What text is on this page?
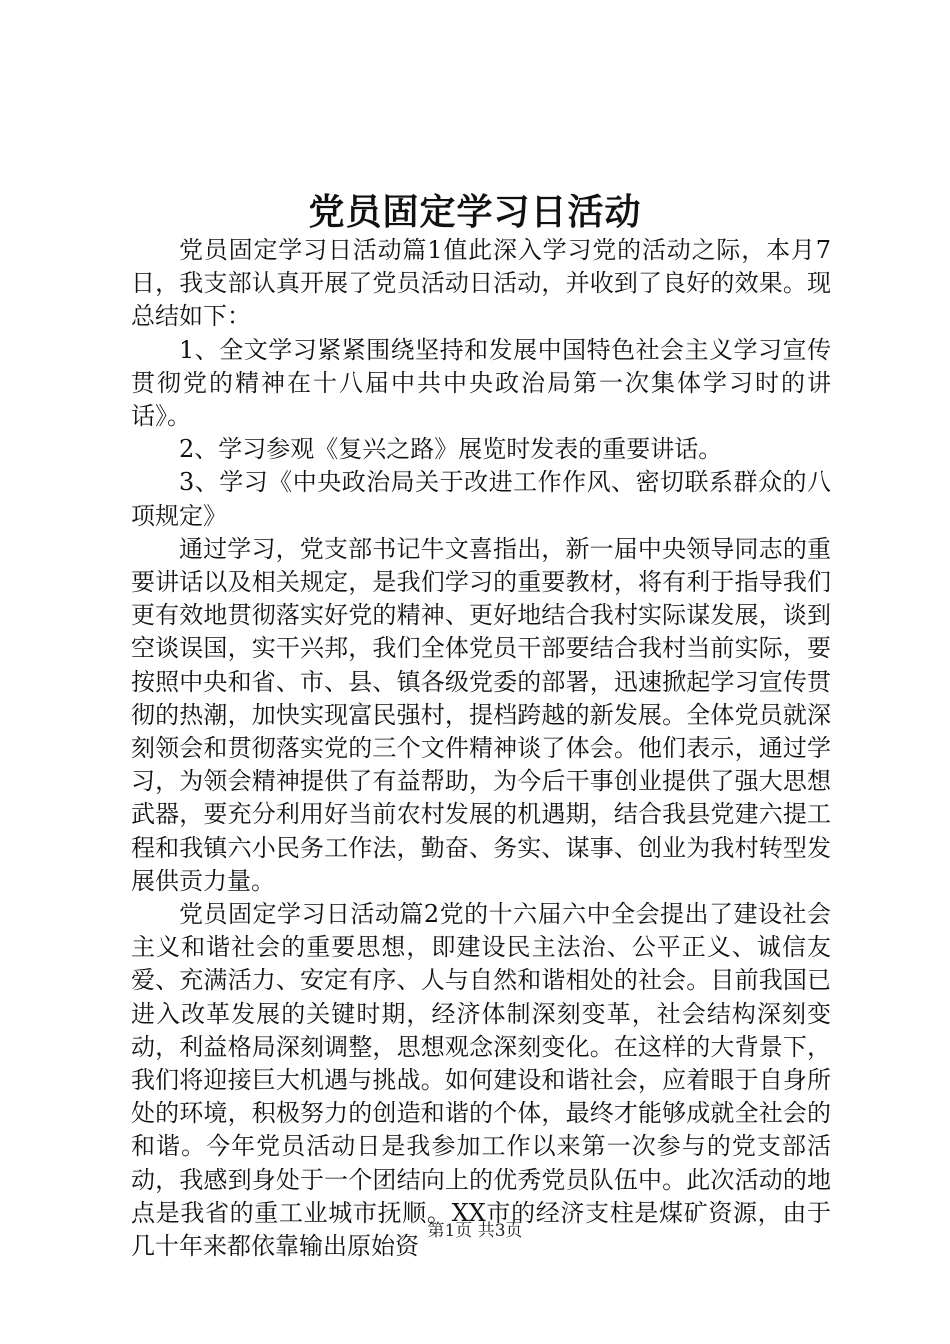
党员固定学习日活动

党员固定学习日活动篇1值此深入学习党的活动之际，本月7日，我支部认真开展了党员活动日活动，并收到了良好的效果。现总结如下：

1、全文学习紧紧围绕坚持和发展中国特色社会主义学习宣传贯彻党的精神在十八届中共中央政治局第一次集体学习时的讲话》。

2、学习参观《复兴之路》展览时发表的重要讲话。

3、学习《中央政治局关于改进工作作风、密切联系群众的八项规定》

通过学习，党支部书记牛文喜指出，新一届中央领导同志的重要讲话以及相关规定，是我们学习的重要教材，将有利于指导我们更有效地贯彻落实好党的精神、更好地结合我村实际谋发展，谈到空谈误国，实干兴邦，我们全体党员干部要结合我村当前实际，要按照中央和省、市、县、镇各级党委的部署，迅速掀起学习宣传贯彻的热潮，加快实现富民强村，提档跨越的新发展。全体党员就深刻领会和贯彻落实党的三个文件精神谈了体会。他们表示，通过学习，为领会精神提供了有益帮助，为今后干事创业提供了强大思想武器，要充分利用好当前农村发展的机遇期，结合我县党建六提工程和我镇六小民务工作法，勤奋、务实、谋事、创业为我村转型发展供贡力量。

党员固定学习日活动篇2党的十六届六中全会提出了建设社会主义和谐社会的重要思想，即建设民主法治、公平正义、诚信友爱、充满活力、安定有序、人与自然和谐相处的社会。目前我国已进入改革发展的关键时期，经济体制深刻变革，社会结构深刻变动，利益格局深刻调整，思想观念深刻变化。在这样的大背景下，我们将迎接巨大机遇与挑战。如何建设和谐社会，应着眼于自身所处的环境，积极努力的创造和谐的个体，最终才能够成就全社会的和谐。今年党员活动日是我参加工作以来第一次参与的党支部活动，我感到身处于一个团结向上的优秀党员队伍中。此次活动的地点是我省的重工业城市抚顺。XX市的经济支柱是煤矿资源，由于几十年来都依靠输出原始资

第1页 共3页
